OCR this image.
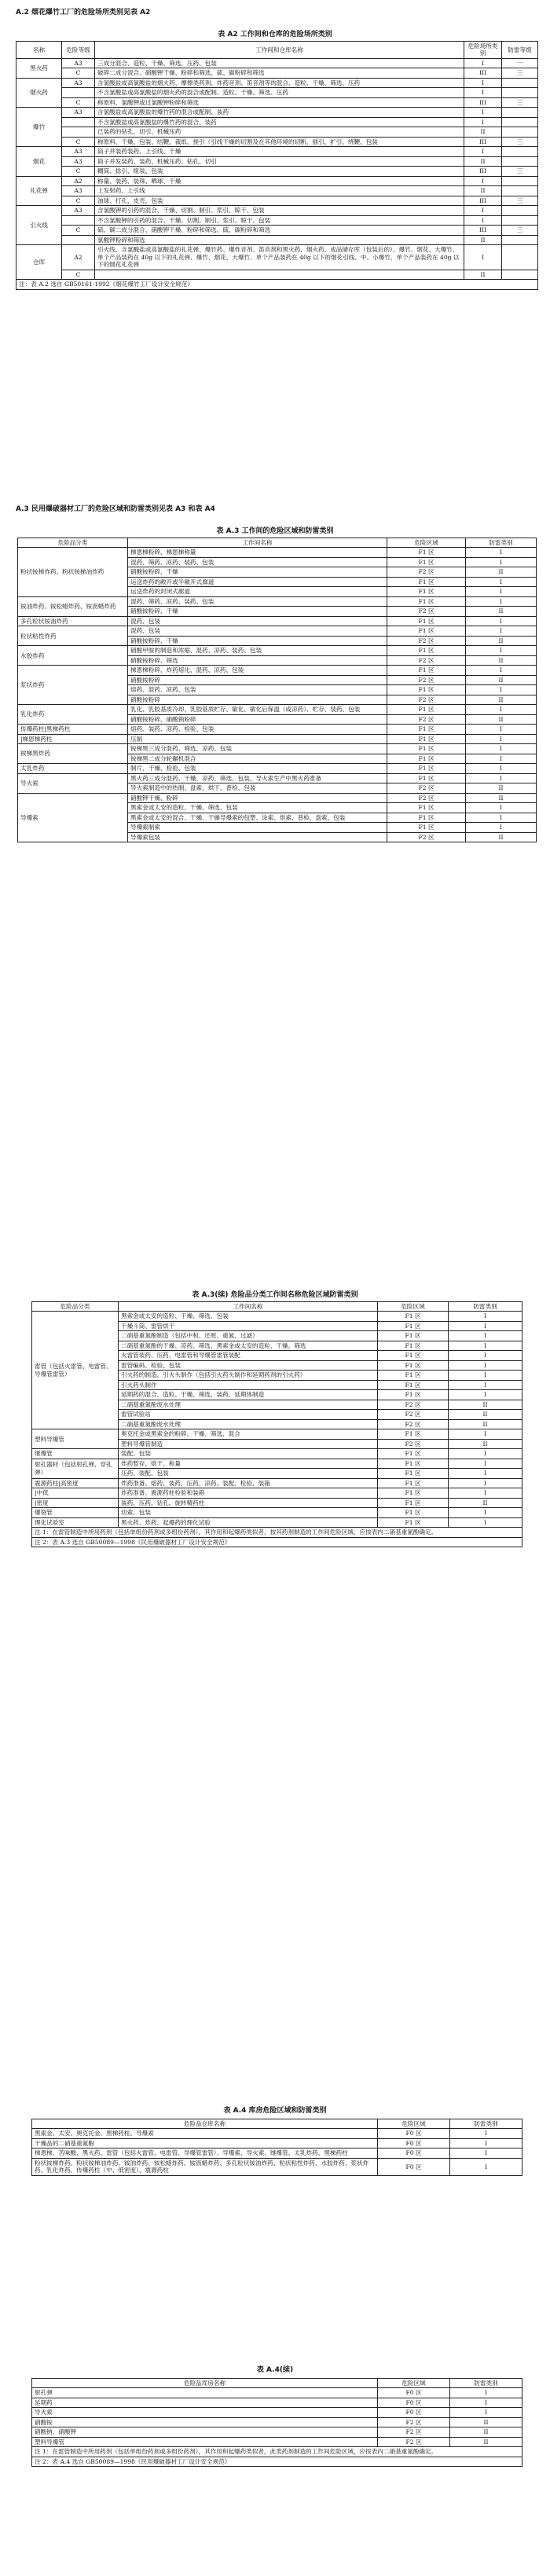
A.2 烟花爆竹工厂的危险场所类别见表 A2
表 A2 工作间和仓库的危险场所类别
名称	危险等级	工作间和仓库名称	危险场所类别	防雷等级
黑火药	A3	三成分混合、造粒、干燥、筛选、压药、包装	I	一
	C	破碎二成分混合、硝酸钾干燥、粉碎和筛选、硫、碳粉碎和筛选	III	三
烟火药	A3	含氯酸盐或高氯酸盐的烟火药、摩擦类药剂、炸药音剂、笛音剂等的混合、造粒、干燥、筛选、压药	I	
		不含氯酸盐或高氯酸盐的烟火药的混合或配制、造粒、干燥、筛选、压药	I	
	C	称原料、氯酸钾或过氯酸钾粉碎和筛选	III	三
爆竹	A3	含氯酸盐或高氯酸盐的爆竹药的混合或配制、装药	I	
		不含氯酸盐或高氯酸盐的爆竹药的混合、装药	I	
		已装药的钻孔、切引、机械压药	II	
	C	称原料、干燥、包装、结鞭、裁纸、搓引（引线干燥的切割及在其他环境的切断、插引、扩引、绕鞭、包装	III	三
烟花	A3	筒子并装药装药、上引线、干燥	I	
	A3	筒子并发装药、装药、机械压药、钻孔、切引	II	
	C	糊筒、捻引、组装、包装	III	三
礼花弹	A2	称量、装药、装珠、晒球、干燥	I	
	A3	上发射药、上引线	II	
	C	油球、打孔、皮壳、包装	III	三
引火线	A3	含氯酸钾的引药的混合、干燥、切割、制引、浆引、晾干、包装	I	
		不含氯酸钾的引药的混合、干燥、切割、制引、浆引、晾干、包装	I	
	C	硫、碳二成分混合、硝酸钾干燥、粉碎和筛选、硫、碳粉碎和筛选	III	三
		氯酸钾粉碎和筛选	II	
仓库	A2	引火线、含氯酸盐或高氯酸盐的礼花弹、爆竹药、爆炸音剂、笛音剂和黑火药、烟火药、成品储存库（包装后的）、爆竹、烟花、大爆竹、单个产品装药在 40g 以下的礼花弹、爆竹、烟花、大爆竹、单个产品装药在 40g 以下的烟花引线、中、小爆竹，单个产品装药在 40g 以下的烟花礼花弹	I	
	C		II	
注：表 A.2 选自 GB50161-1992《烟花爆竹工厂设计安全规范》				
A.3 民用爆破器材工厂的危险区域和防雷类别见表 A3 和表 A4
表 A.3 工作间的危险区域和防雷类别
危险品分类	工作间名称	危险区域	防雷类别
粉状铵梯炸药、粉状铵梯油炸药	梯恩梯粉碎、梯恩梯称量	F1 区	I
	混药、筛药、凉药、装药、包装	F1 区	I
	硝酸铵粉碎、干燥	F2 区	II
	运送炸药的敞开或半敞开式廊道	F1 区	I
	运送炸药的封闭式廊道	F1 区	I
铵油炸药、铵松蜡炸药、铵沥蜡炸药	混药、筛药、凉药、装药、包装	F1 区	I
	硝酸铵粉碎、干燥	F2 区	II
多孔粒状铵油炸药	混药、包装	F1 区	I
粒状粘性炸药	混药、包装	F1 区	I
	硝酸铵粉碎、干燥	F2 区	II
水胶炸药	硝酸甲胺的制造和浓缩、混药、凉药、装药、包装	F1 区	I
	硝酸铵粉碎、筛选	F2 区	II
浆状炸药	梯恩梯粉碎、炸药熔化、混药、凉药、包装	F1 区	I
	硝酸铵粉碎	F2 区	II
	熔药、混药、凉药、包装	F1 区	I
	硝酸铵粉碎	F2 区	II
乳化炸药	乳化、乳胶基质冷却、乳胶基质贮存、敏化、敏化后保温（或凉药）、贮存、装药、包装	F1 区	I
	硝酸铵粉碎、硝酸钠粉碎	F2 区	II
传爆药柱|黑梯药柱	熔药、装药、凉药、检验、包装	F1 区	I
|梯恩梯药柱	压制	F1 区	I
铵梯黑炸药	铵梯黑三成分混药、筛选、凉药、包装	F1 区	I
	铵梯黑二成分轮碾机混合	F1 区	I
太乳炸药	制片、干燥、检验、包装	F1 区	I
导火索	黑火药三成分混药、干燥、凉药、筛选、包装、导火索生产中黑火药准备	F1 区	I
	导火索制造中的热制、盘索、烘干、普检、包装	F2 区	II
导爆索	硝酸钾干燥、粉碎	F2 区	II
	黑索金或太安的造粒、干燥、筛选、包装	F1 区	I
	黑索金或太安的混合、干燥、干燥导爆索的包塑、涂索、烘索、普检、盘索、包装	F1 区	I
	导爆索制索	F1 区	I
	导爆索包装	F2 区	II
表 A.3(续) 危险品分类工作间名称危险区域防雷类别
危险品分类	工作间名称	危险区域	防雷类别
雷管（包括火雷管、电雷管、导爆管雷管）	黑索金或太安的造粒、干燥、筛选、包装	F1 区	I
	干燥斗筒、雷管烘干	F1 区	I
	二硝基重氮酚制造（包括中和、还原、重氮、过滤）	F1 区	I
	二硝基重氮酚的干燥、凉药、筛选、黑索金或太安的造粒、干燥、筛选	F1 区	I
	火雷管装药、压药、电雷管和导爆管雷管装配	F1 区	I
	雷管编码、检验、包装	F1 区	I
	引火药的制造、引火头制作（包括引火药头制作和延期药剂的引火药）	F1 区	I
	引火药头制作	F1 区	I
	延期药的混合、造粒、干燥、筛选、装药、延期体制造	F1 区	I
	二硝基重氮酚废水处理	F2 区	II
	雷管试验站	F2 区	II
	二硝基重氮酚废水处理	F2 区	II
塑料导爆管	奥克托金或黑索金的粉碎、干燥、筛选、混合	F1 区	I
	塑料导爆管制造	F2 区	II
继爆管	装配、包装	F1 区	I
射孔器材（包括射孔弹、穿孔弹）	炸药暂存、烘干、称量	F1 区	I
	压药、装配、包装	F1 区	I
震源药柱|高密度	炸药准备、熔药、装药、压药、凉药、装配、检验、装箱	F1 区	I
|中低	炸药准备、震源药柱检验和装箱	F1 区	I
|密度	装药、压药、钻孔、旋转精药柱	F1 区	II
爆裂管	切索、包装	F1 区	I
理化试验室	黑火药、炸药、起爆药的理化试验	F1 区	I
注 1：在雷管制造中所用药剂（包括单组份药剂或多组份药剂），其作用和起爆药类似者，按其药剂制造的工作间危险区域，应按表内二硝基重氮酚确定。			
注 2：表 A.3 选自 GB50089—1998《民用爆破器材工厂设计安全规范》			
表 A.4 库房危险区域和防雷类别
危险品仓库名称	危险区域	防雷类别
黑索金、太安、奥克托金、黑梯药柱、导爆索	F0 区	I
干燥品的二硝基重氮酚	F0 区	I
梯恩梯、苦味酸、黑火药、雷管（包括火雷管、电雷管、导爆管雷管）、导爆索、导火索、继爆管、太乳炸药、黑梯药柱	F0 区	I
粉状铵梯炸药、粉状铵梯油炸药、铵油炸药、铵松蜡炸药、铵沥蜡炸药、多孔粒状铵油炸药、粒状粘性炸药、水胶炸药、浆状炸药、乳化炸药、传爆药柱（中、低密度）、震源药柱	F0 区	I
表 A.4(续)
危险品库房名称	危险区域	防雷类别
射孔弹	F0 区	I
延期药	F0 区	I
导火索	F0 区	I
硝酸铵	F2 区	II
硝酸钠、硝酸钾	F2 区	II
塑料导爆管	F2 区	II
注 1：在雷管制造中所用药剂（包括单组份药剂或多组份药剂），其作用和起爆药类似者，此类药剂制造的工作间危险区域，应按表内二硝基重氮酚确定。		
注 2：表 A.4 选自 GB50089—1998《民用爆破器材工厂设计安全规范》		
